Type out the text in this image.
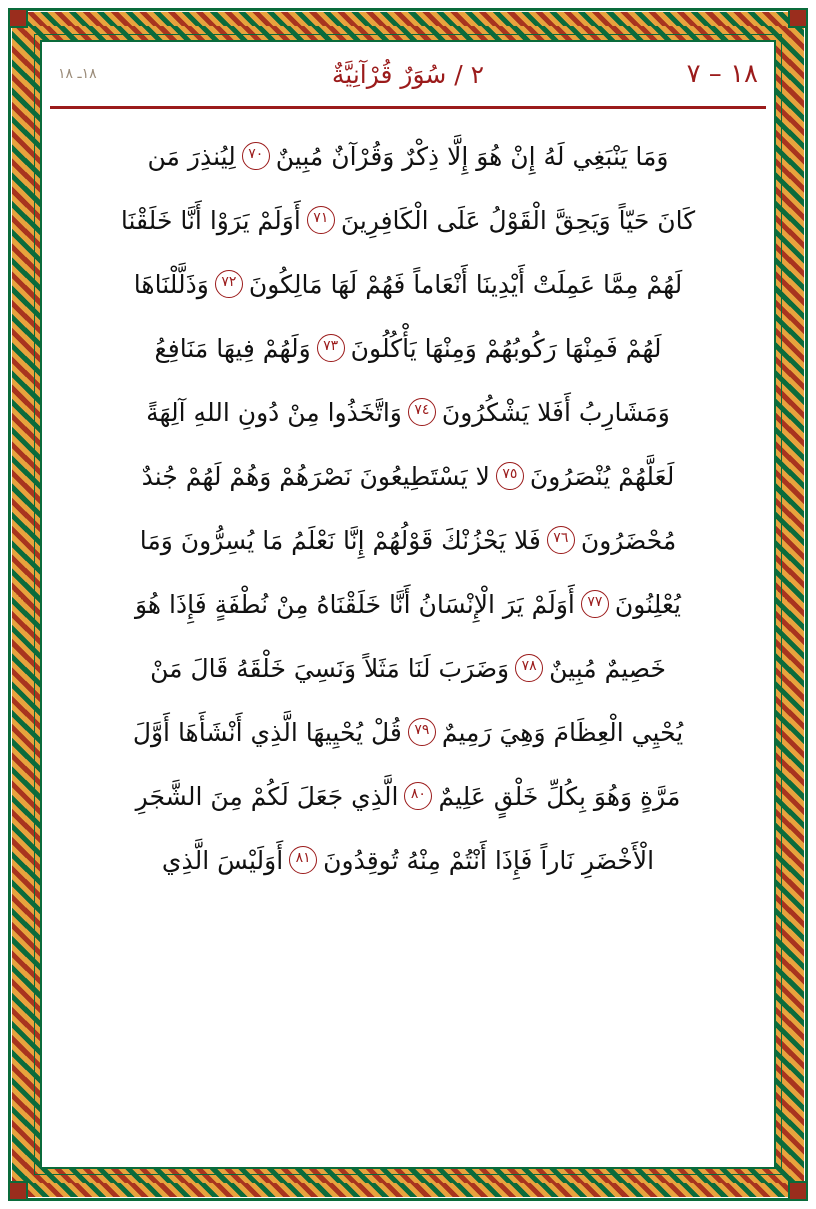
١٨ – ٧
٢ / سُوَرٌ قُرْآنِيَّةٌ
١٨ـ ١٨
وَمَا يَنْبَغِي لَهُ إِنْ هُوَ إِلَّا ذِكْرٌ وَقُرْآنٌ مُبِينٌ٧٠لِيُنذِرَ مَن
كَانَ حَيّاً وَيَحِقَّ الْقَوْلُ عَلَى الْكَافِرِينَ٧١أَوَلَمْ يَرَوْا أَنَّا خَلَقْنَا
لَهُمْ مِمَّا عَمِلَتْ أَيْدِينَا أَنْعَاماً فَهُمْ لَهَا مَالِكُونَ٧٢وَذَلَّلْنَاهَا
لَهُمْ فَمِنْهَا رَكُوبُهُمْ وَمِنْهَا يَأْكُلُونَ٧٣وَلَهُمْ فِيهَا مَنَافِعُ
وَمَشَارِبُ أَفَلا يَشْكُرُونَ٧٤وَاتَّخَذُوا مِنْ دُونِ اللهِ آلِهَةً
لَعَلَّهُمْ يُنْصَرُونَ٧٥لا يَسْتَطِيعُونَ نَصْرَهُمْ وَهُمْ لَهُمْ جُندٌ
مُحْضَرُونَ٧٦فَلا يَحْزُنْكَ قَوْلُهُمْ إِنَّا نَعْلَمُ مَا يُسِرُّونَ وَمَا
يُعْلِنُونَ٧٧أَوَلَمْ يَرَ الْإِنْسَانُ أَنَّا خَلَقْنَاهُ مِنْ نُطْفَةٍ فَإِذَا هُوَ
خَصِيمٌ مُبِينٌ٧٨وَضَرَبَ لَنَا مَثَلاً وَنَسِيَ خَلْقَهُ قَالَ مَنْ
يُحْيِي الْعِظَامَ وَهِيَ رَمِيمٌ٧٩قُلْ يُحْيِيهَا الَّذِي أَنْشَأَهَا أَوَّلَ
مَرَّةٍ وَهُوَ بِكُلِّ خَلْقٍ عَلِيمٌ٨٠الَّذِي جَعَلَ لَكُمْ مِنَ الشَّجَرِ
الْأَخْضَرِ نَاراً فَإِذَا أَنْتُمْ مِنْهُ تُوقِدُونَ٨١أَوَلَيْسَ الَّذِي
